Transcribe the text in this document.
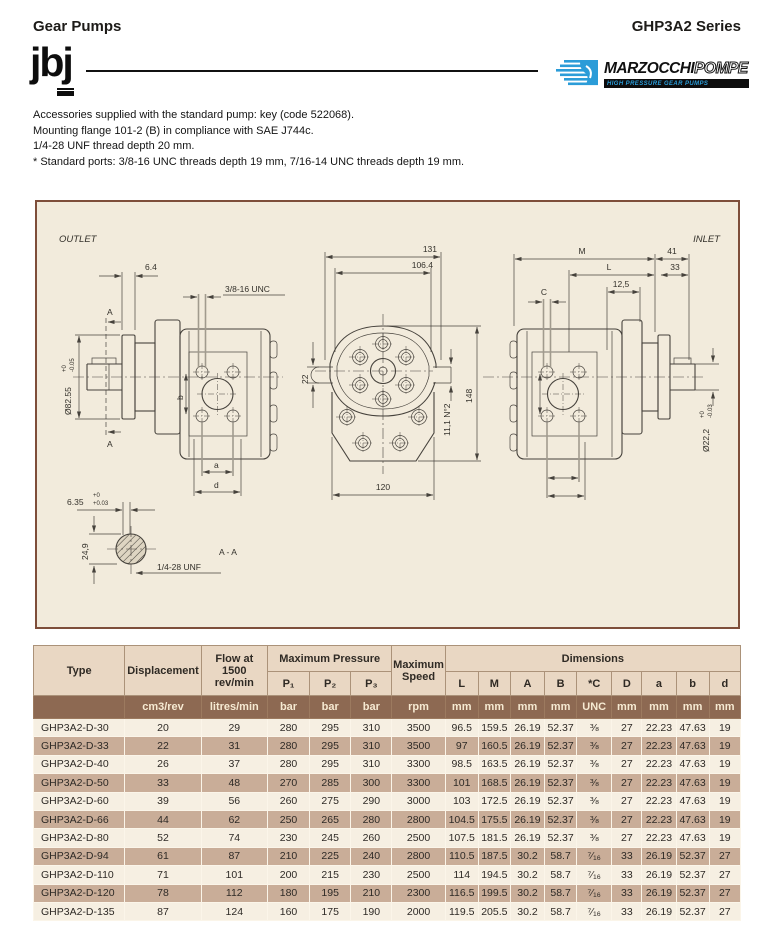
Gear Pumps	GHP3A2 Series
jbj	MARZOCCHIPOMPE
HIGH PRESSURE GEAR PUMPS
Accessories supplied with the standard pump: key (code 522068).
Mounting flange 101-2 (B) in compliance with SAE J744c.
1/4-28 UNF thread depth 20 mm.
* Standard ports: 3/8-16 UNC threads depth 19 mm, 7/16-14 UNC threads depth 19 mm.
OUTLET	INLET
A
A
6.4
3/8-16 UNC
Ø82.55
+0 -0.05
b
a
d
131
106.4
22
120
148
11,1 N°2
M	41
L	33
C
12,5
Ø22,2
+0 -0.03
6.35
+0
+0.03
24,9
1/4-28 UNF
A - A
Type	Displacement	
Flow at
1500 rev/min
	Maximum Pressure	Maximum
Speed
	Dimensions
			P₁	P₂	P₃		L	M	A	B	*C	D	a	b	d
	cm3/rev	litres/min	bar	bar	bar	rpm	mm	mm	mm	mm	UNC	mm	mm	mm	mm
GHP3A2-D-30	20	29	280	295	310	3500	96.5	159.5	26.19	52.37	⅜	27	22.23	47.63	19
GHP3A2-D-33	22	31	280	295	310	3500	97	160.5	26.19	52.37	⅜	27	22.23	47.63	19
GHP3A2-D-40	26	37	280	295	310	3300	98.5	163.5	26.19	52.37	⅜	27	22.23	47.63	19
GHP3A2-D-50	33	48	270	285	300	3300	101	168.5	26.19	52.37	⅜	27	22.23	47.63	19
GHP3A2-D-60	39	56	260	275	290	3000	103	172.5	26.19	52.37	⅜	27	22.23	47.63	19
GHP3A2-D-66	44	62	250	265	280	2800	104.5	175.5	26.19	52.37	⅜	27	22.23	47.63	19
GHP3A2-D-80	52	74	230	245	260	2500	107.5	181.5	26.19	52.37	⅜	27	22.23	47.63	19
GHP3A2-D-94	61	87	210	225	240	2800	110.5	187.5	30.2	58.7	⁷⁄₁₆	33	26.19	52.37	27
GHP3A2-D-110	71	101	200	215	230	2500	114	194.5	30.2	58.7	⁷⁄₁₆	33	26.19	52.37	27
GHP3A2-D-120	78	112	180	195	210	2300	116.5	199.5	30.2	58.7	⁷⁄₁₆	33	26.19	52.37	27
GHP3A2-D-135	87	124	160	175	190	2000	119.5	205.5	30.2	58.7	⁷⁄₁₆	33	26.19	52.37	27
